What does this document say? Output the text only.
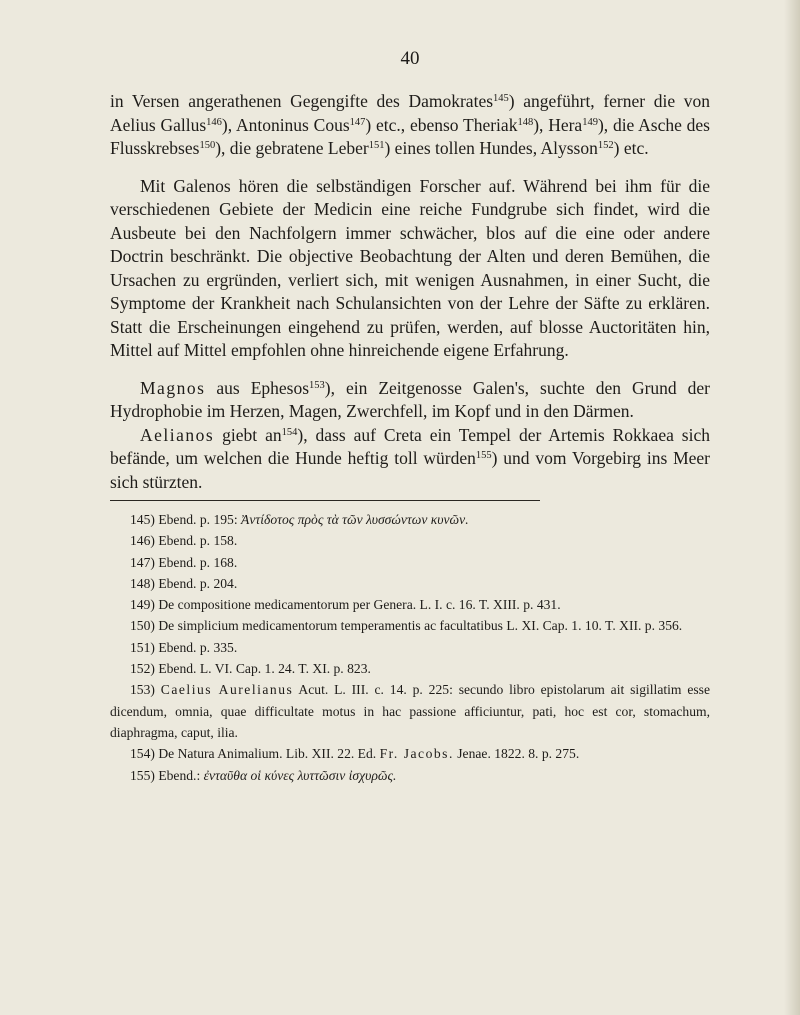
40

in Versen angerathenen Gegengifte des Damokrates$^{145}$) angeführt, ferner die von Aelius Gallus$^{146}$), Antoninus Cous$^{147}$) etc., ebenso Theriak$^{148}$), Hera$^{149}$), die Asche des Flusskrebses$^{150}$), die gebratene Leber$^{151}$) eines tollen Hundes, Alysson$^{152}$) etc.

Mit Galenos hören die selbständigen Forscher auf. Während bei ihm für die verschiedenen Gebiete der Medicin eine reiche Fundgrube sich findet, wird die Ausbeute bei den Nachfolgern immer schwächer, blos auf die eine oder andere Doctrin beschränkt. Die objective Beobachtung der Alten und deren Bemühen, die Ursachen zu ergründen, verliert sich, mit wenigen Ausnahmen, in einer Sucht, die Symptome der Krankheit nach Schulansichten von der Lehre der Säfte zu erklären. Statt die Erscheinungen eingehend zu prüfen, werden, auf blosse Auctoritäten hin, Mittel auf Mittel empfohlen ohne hinreichende eigene Erfahrung.

Magnos aus Ephesos$^{153}$), ein Zeitgenosse Galen's, suchte den Grund der Hydrophobie im Herzen, Magen, Zwerchfell, im Kopf und in den Därmen.

Aelianos giebt $an^{154}$), dass auf Creta ein Tempel der Artemis Rokkaea sich befände, um welchen die Hunde heftig toll würden$^{155}$) und vom Vorgebirg ins Meer sich stürzten.

145) Ebend. p. 195: Ἀντίδοτος πρὸς τὰ τῶν λυσσώντων κυνῶν.

146) Ebend. p. 158.

147) Ebend. p. 168.

148) Ebend. p. 204.

149) De compositione medicamentorum per Genera. L. I. c. 16. T. XIII. p. 431.

150) De simplicium medicamentorum temperamentis ac facultatibus L. XI. Cap. 1. 10. T. XII. p. 356.

151) Ebend. p. 335.

152) Ebend. L. VI. Cap. 1. 24. T. XI. p. 823.

153) Caelius Aurelianus Acut. L. III. c. 14. p. 225: secundo libro epistolarum ait sigillatim esse dicendum, omnia, quae difficultate motus in hac passione afficiuntur, pati, hoc est cor, stomachum, diaphragma, caput, ilia.

154) De Natura Animalium. Lib. XII. 22. Ed. Fr. Jacobs. Jenae. 1822. 8. p. 275.

155) Ebend.: ἐνταῦθα οἱ κύνες λυττῶσιν ἰσχυρῶς.
